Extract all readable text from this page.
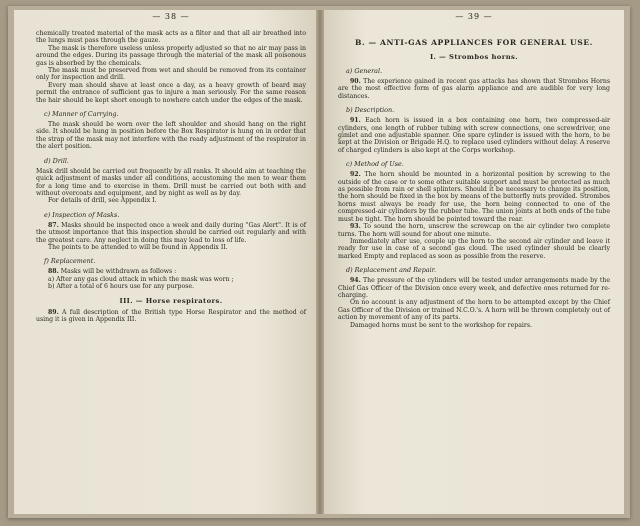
— 38 —

chemically treated material of the mask acts as a filter and that all air breathed into the lungs must pass through the gauze.

The mask is therefore useless unless properly adjusted so that no air may pass in around the edges. During its passage through the material of the mask all poisonous gas is absorbed by the chemicals.

The mask must be preserved from wet and should be removed from its container only for inspection and drill.

Every man should shave at least once a day, as a heavy growth of beard may permit the entrance of sufficient gas to injure a man seriously. For the same reason the hair should be kept short enough to nowhere catch under the edges of the mask.

c) Manner of Carrying.

The mask should be worn over the left shoulder and should hang on the right side. It should be hung in position before the Box Respirator is hung on in order that the strap of the mask may not interfere with the ready adjustment of the respirator in the alert position.

d) Drill.

Mask drill should be carried out frequently by all ranks. It should aim at teaching the quick adjustment of masks under all conditions, accustoming the men to wear them for a long time and to exercise in them. Drill must be carried out both with and without overcoats and equipment, and by night as well as by day.

For details of drill, see Appendix I.

e) Inspection of Masks.

87. Masks should be inspected once a week and daily during "Gas Alert". It is of the utmost importance that this inspection should be carried out regularly and with the greatest care. Any neglect in doing this may lead to loss of life.

The points to be attended to will be found in Appendix II.

f) Replacement.

88. Masks will be withdrawn as follows :

a) After any gas cloud attack in which the mask was worn ;

b) After a total of 6 hours use for any purpose.

III. — Horse respirators.

89. A full description of the British type Horse Respirator and the method of using it is given in Appendix III.

— 39 —
B. — ANTI-GAS APPLIANCES FOR GENERAL USE.
I. — Strombos horns.
a) General.

90. The experience gained in recent gas attacks has shown that Strombos Horns are the most effective form of gas alarm appliance and are audible for very long distances.

b) Description.

91. Each horn is issued in a box containing one horn, two compressed-air cylinders, one length of rubber tubing with screw connections, one screwdriver, one gimlet and one adjustable spanner. One spare cylinder is issued with the horn, to be kept at the Division or Brigade H.Q. to replace used cylinders without delay. A reserve of charged cylinders is also kept at the Corps workshop.

c) Method of Use.

92. The horn should be mounted in a horizontal position by screwing to the outside of the case or to some other suitable support and must be protected as much as possible from rain or shell splinters. Should it be necessary to change its position, the horn should be fixed in the box by means of the butterfly nuts provided. Strombos horns must always be ready for use, the horn being connected to one of the compressed-air cylinders by the rubber tube. The union joints at both ends of the tube must be tight. The horn should be pointed toward the rear.

93. To sound the horn, unscrew the screwcap on the air cylinder two complete turns. The horn will sound for about one minute.

Immediately after use, couple up the horn to the second air cylinder and leave it ready for use in case of a second gas cloud. The used cylinder should be clearly marked Empty and replaced as soon as possible from the reserve.

d) Replacement and Repair.

94. The pressure of the cylinders will be tested under arrangements made by the Chief Gas Officer of the Division once every week, and defective ones returned for re-charging.

On no account is any adjustment of the horn to be attempted except by the Chief Gas Officer of the Division or trained N.C.O.'s. A horn will be thrown completely out of action by movement of any of its parts.

Damaged horns must be sent to the workshop for repairs.
